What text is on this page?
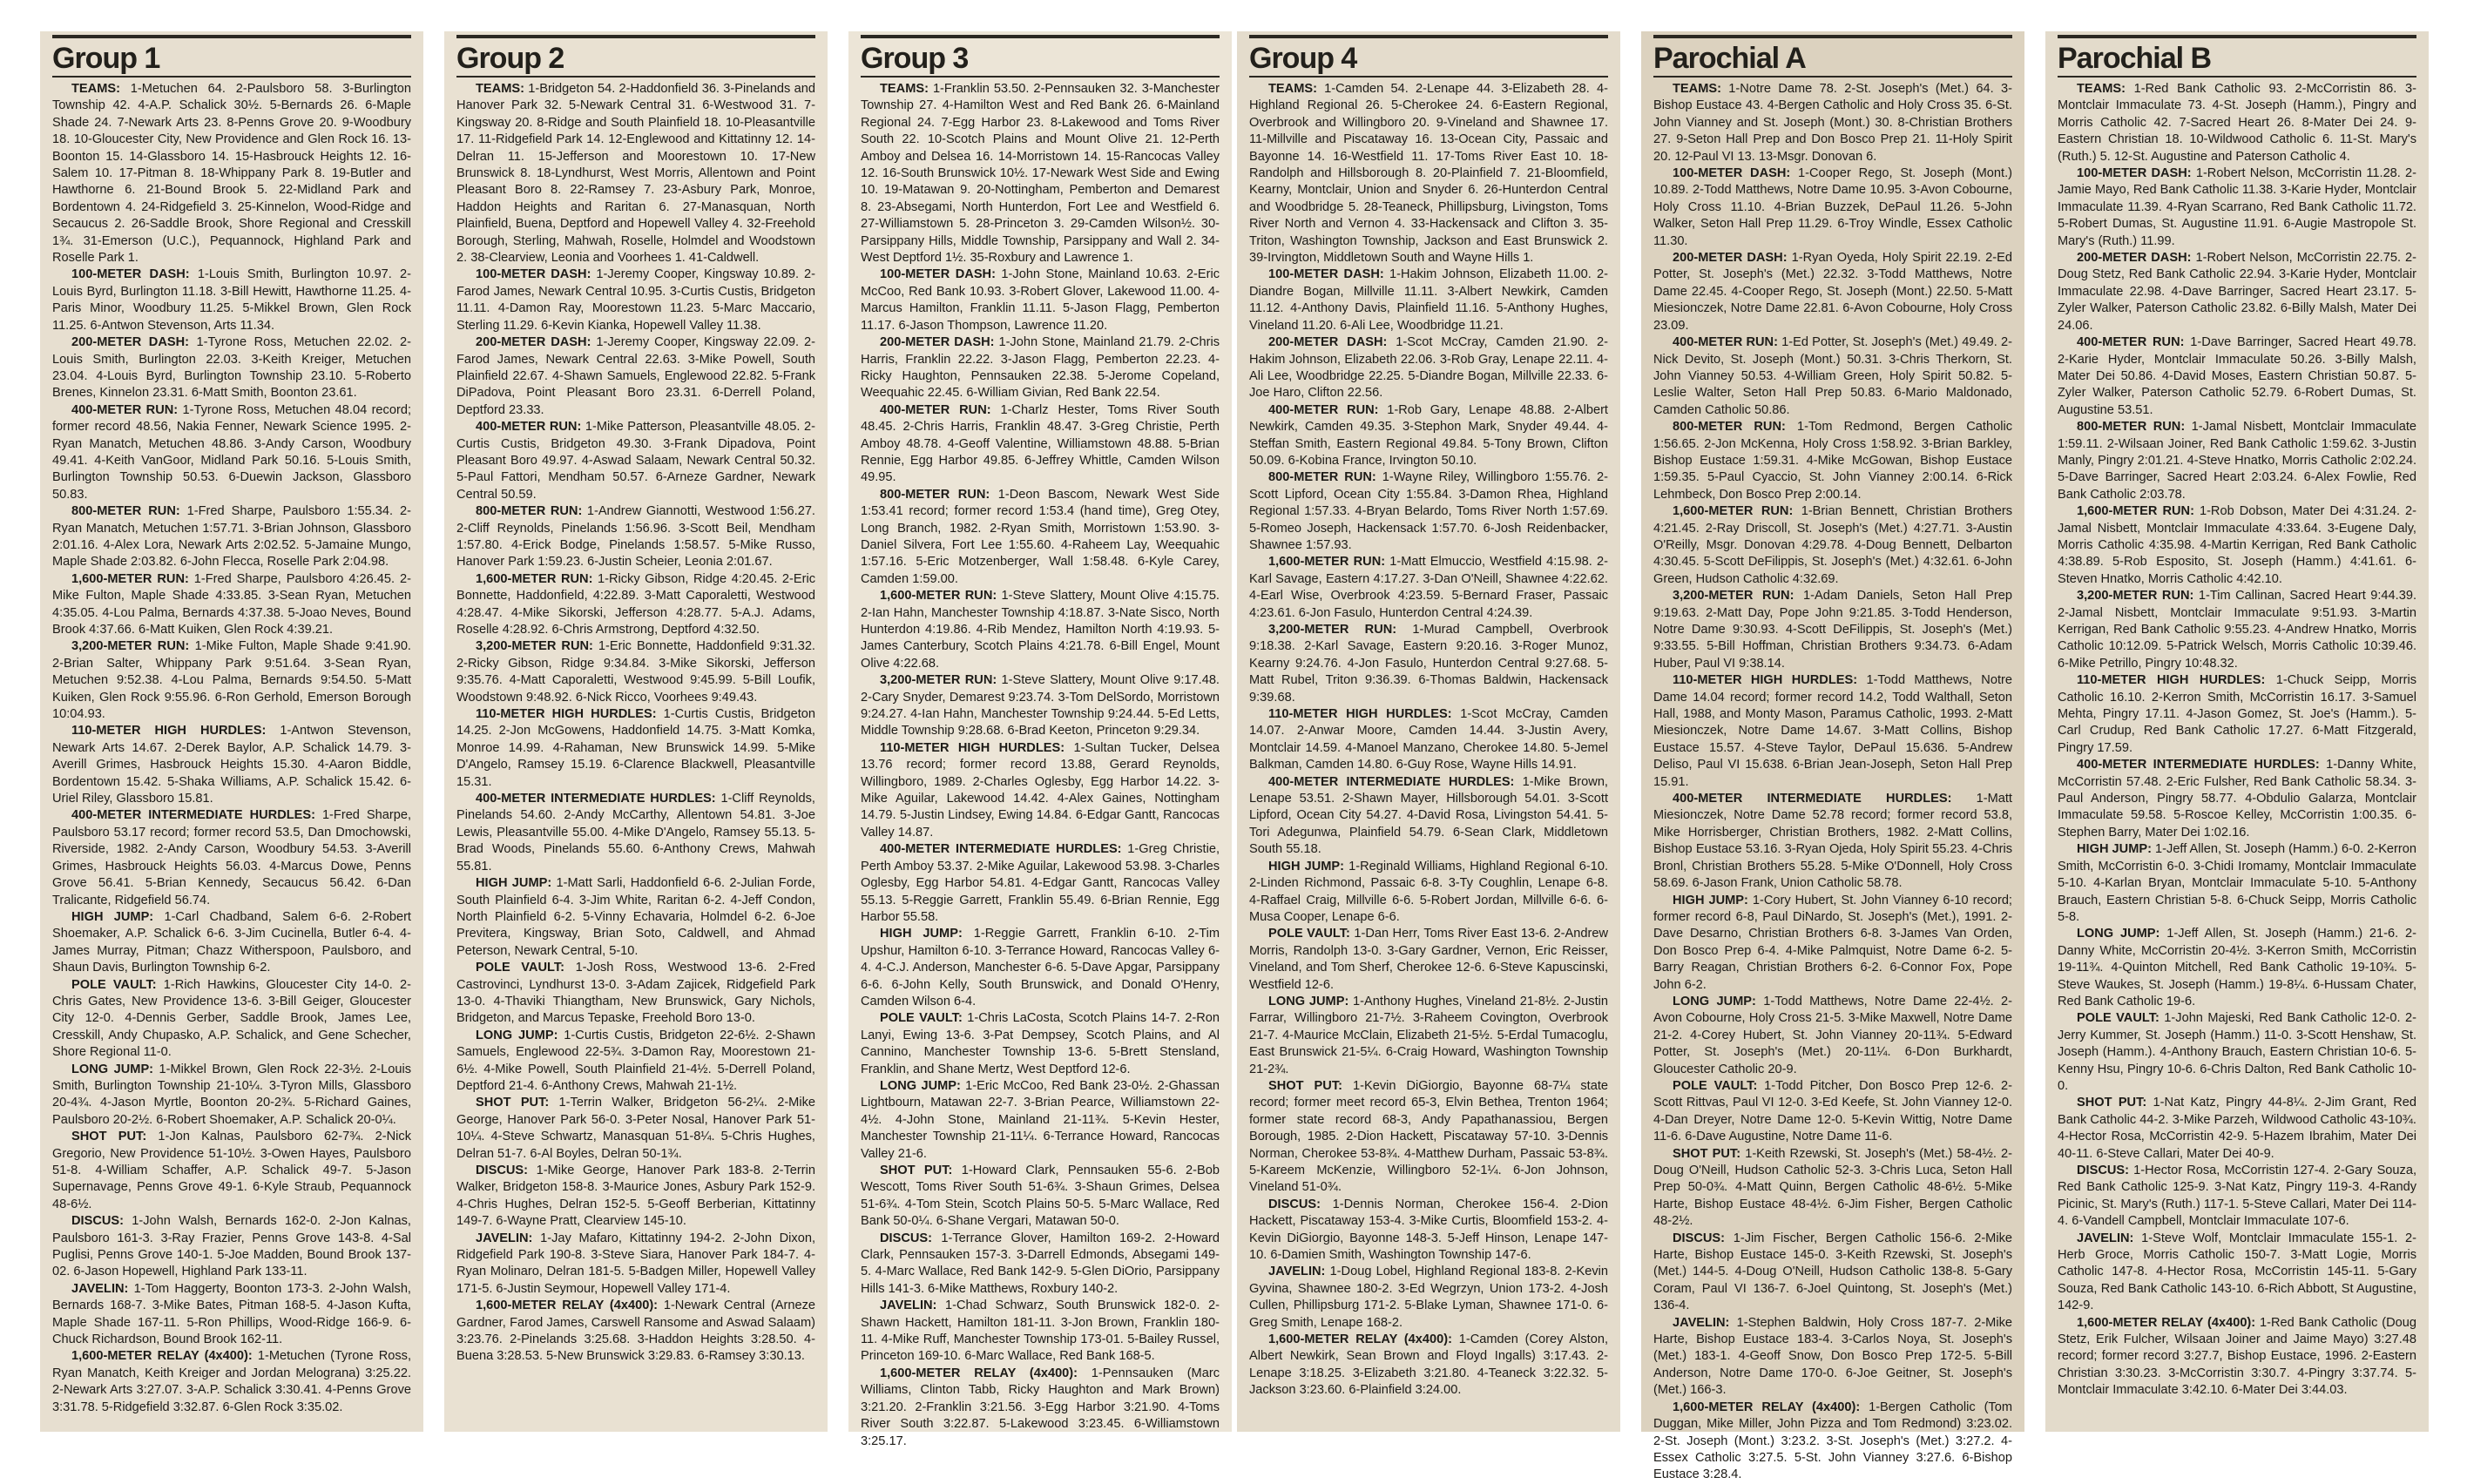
Group 1

TEAMS: 1-Metuchen 64. 2-Paulsboro 58. 3-Burlington Township 42. 4-A.P. Schalick 30½. 5-Bernards 26. 6-Maple Shade 24. 7-Newark Arts 23. 8-Penns Grove 20. 9-Woodbury 18. 10-Gloucester City, New Providence and Glen Rock 16. 13-Boonton 15. 14-Glassboro 14. 15-Hasbrouck Heights 12. 16-Salem 10. 17-Pitman 8. 18-Whippany Park 8. 19-Butler and Hawthorne 6. 21-Bound Brook 5. 22-Midland Park and Bordentown 4. 24-Ridgefield 3. 25-Kinnelon, Wood-Ridge and Secaucus 2. 26-Saddle Brook, Shore Regional and Cresskill 1¾. 31-Emerson (U.C.), Pequannock, Highland Park and Roselle Park 1.

100-METER DASH: 1-Louis Smith, Burlington 10.97. 2-Louis Byrd, Burlington 11.18. 3-Bill Hewitt, Hawthorne 11.25. 4-Paris Minor, Woodbury 11.25. 5-Mikkel Brown, Glen Rock 11.25. 6-Antwon Stevenson, Arts 11.34.

200-METER DASH: 1-Tyrone Ross, Metuchen 22.02. 2-Louis Smith, Burlington 22.03. 3-Keith Kreiger, Metuchen 23.04. 4-Louis Byrd, Burlington Township 23.10. 5-Roberto Brenes, Kinnelon 23.31. 6-Matt Smith, Boonton 23.61.

400-METER RUN: 1-Tyrone Ross, Metuchen 48.04 record; former record 48.56, Nakia Fenner, Newark Science 1995. 2-Ryan Manatch, Metuchen 48.86. 3-Andy Carson, Woodbury 49.41. 4-Keith VanGoor, Midland Park 50.16. 5-Louis Smith, Burlington Township 50.53. 6-Duewin Jackson, Glassboro 50.83.

800-METER RUN: 1-Fred Sharpe, Paulsboro 1:55.34. 2-Ryan Manatch, Metuchen 1:57.71. 3-Brian Johnson, Glassboro 2:01.16. 4-Alex Lora, Newark Arts 2:02.52. 5-Jamaine Mungo, Maple Shade 2:03.82. 6-John Flecca, Roselle Park 2:04.98.

1,600-METER RUN: 1-Fred Sharpe, Paulsboro 4:26.45. 2-Mike Fulton, Maple Shade 4:33.85. 3-Sean Ryan, Metuchen 4:35.05. 4-Lou Palma, Bernards 4:37.38. 5-Joao Neves, Bound Brook 4:37.66. 6-Matt Kuiken, Glen Rock 4:39.21.

3,200-METER RUN: 1-Mike Fulton, Maple Shade 9:41.90. 2-Brian Salter, Whippany Park 9:51.64. 3-Sean Ryan, Metuchen 9:52.38. 4-Lou Palma, Bernards 9:54.50. 5-Matt Kuiken, Glen Rock 9:55.96. 6-Ron Gerhold, Emerson Borough 10:04.93.

110-METER HIGH HURDLES: 1-Antwon Stevenson, Newark Arts 14.67. 2-Derek Baylor, A.P. Schalick 14.79. 3-Averill Grimes, Hasbrouck Heights 15.30. 4-Aaron Biddle, Bordentown 15.42. 5-Shaka Williams, A.P. Schalick 15.42. 6-Uriel Riley, Glassboro 15.81.

400-METER INTERMEDIATE HURDLES: 1-Fred Sharpe, Paulsboro 53.17 record; former record 53.5, Dan Dmochowski, Riverside, 1982. 2-Andy Carson, Woodbury 54.53. 3-Averill Grimes, Hasbrouck Heights 56.03. 4-Marcus Dowe, Penns Grove 56.41. 5-Brian Kennedy, Secaucus 56.42. 6-Dan Tralicante, Ridgefield 56.74.

HIGH JUMP: 1-Carl Chadband, Salem 6-6. 2-Robert Shoemaker, A.P. Schalick 6-6. 3-Jim Cucinella, Butler 6-4. 4-James Murray, Pitman; Chazz Witherspoon, Paulsboro, and Shaun Davis, Burlington Township 6-2.

POLE VAULT: 1-Rich Hawkins, Gloucester City 14-0. 2-Chris Gates, New Providence 13-6. 3-Bill Geiger, Gloucester City 12-0. 4-Dennis Gerber, Saddle Brook, James Lee, Cresskill, Andy Chupasko, A.P. Schalick, and Gene Schecher, Shore Regional 11-0.

LONG JUMP: 1-Mikkel Brown, Glen Rock 22-3½. 2-Louis Smith, Burlington Township 21-10¼. 3-Tyron Mills, Glassboro 20-4¾. 4-Jason Myrtle, Boonton 20-2¾. 5-Richard Gaines, Paulsboro 20-2½. 6-Robert Shoemaker, A.P. Schalick 20-0¼.

SHOT PUT: 1-Jon Kalnas, Paulsboro 62-7¾. 2-Nick Gregorio, New Providence 51-10½. 3-Owen Hayes, Paulsboro 51-8. 4-William Schaffer, A.P. Schalick 49-7. 5-Jason Supernavage, Penns Grove 49-1. 6-Kyle Straub, Pequannock 48-6½.

DISCUS: 1-John Walsh, Bernards 162-0. 2-Jon Kalnas, Paulsboro 161-3. 3-Ray Frazier, Penns Grove 143-8. 4-Sal Puglisi, Penns Grove 140-1. 5-Joe Madden, Bound Brook 137-02. 6-Jason Hopewell, Highland Park 133-11.

JAVELIN: 1-Tom Haggerty, Boonton 173-3. 2-John Walsh, Bernards 168-7. 3-Mike Bates, Pitman 168-5. 4-Jason Kufta, Maple Shade 167-11. 5-Ron Phillips, Wood-Ridge 166-9. 6-Chuck Richardson, Bound Brook 162-11.

1,600-METER RELAY (4x400): 1-Metuchen (Tyrone Ross, Ryan Manatch, Keith Kreiger and Jordan Melograna) 3:25.22. 2-Newark Arts 3:27.07. 3-A.P. Schalick 3:30.41. 4-Penns Grove 3:31.78. 5-Ridgefield 3:32.87. 6-Glen Rock 3:35.02.

Group 2

TEAMS: 1-Bridgeton 54. 2-Haddonfield 36. 3-Pinelands and Hanover Park 32. 5-Newark Central 31. 6-Westwood 31. 7-Kingsway 20. 8-Ridge and South Plainfield 18. 10-Pleasantville 17. 11-Ridgefield Park 14. 12-Englewood and Kittatinny 12. 14-Delran 11. 15-Jefferson and Moorestown 10. 17-New Brunswick 8. 18-Lyndhurst, West Morris, Allentown and Point Pleasant Boro 8. 22-Ramsey 7. 23-Asbury Park, Monroe, Haddon Heights and Raritan 6. 27-Manasquan, North Plainfield, Buena, Deptford and Hopewell Valley 4. 32-Freehold Borough, Sterling, Mahwah, Roselle, Holmdel and Woodstown 2. 38-Clearview, Leonia and Voorhees 1. 41-Caldwell.

100-METER DASH: 1-Jeremy Cooper, Kingsway 10.89. 2-Farod James, Newark Central 10.95. 3-Curtis Custis, Bridgeton 11.11. 4-Damon Ray, Moorestown 11.23. 5-Marc Maccario, Sterling 11.29. 6-Kevin Kianka, Hopewell Valley 11.38.

200-METER DASH: 1-Jeremy Cooper, Kingsway 22.09. 2-Farod James, Newark Central 22.63. 3-Mike Powell, South Plainfield 22.67. 4-Shawn Samuels, Englewood 22.82. 5-Frank DiPadova, Point Pleasant Boro 23.31. 6-Derrell Poland, Deptford 23.33.

400-METER RUN: 1-Mike Patterson, Pleasantville 48.05. 2-Curtis Custis, Bridgeton 49.30. 3-Frank Dipadova, Point Pleasant Boro 49.97. 4-Aswad Salaam, Newark Central 50.32. 5-Paul Fattori, Mendham 50.57. 6-Arneze Gardner, Newark Central 50.59.

800-METER RUN: 1-Andrew Giannotti, Westwood 1:56.27. 2-Cliff Reynolds, Pinelands 1:56.96. 3-Scott Beil, Mendham 1:57.80. 4-Erick Bodge, Pinelands 1:58.57. 5-Mike Russo, Hanover Park 1:59.23. 6-Justin Scheier, Leonia 2:01.67.

1,600-METER RUN: 1-Ricky Gibson, Ridge 4:20.45. 2-Eric Bonnette, Haddonfield, 4:22.89. 3-Matt Caporaletti, Westwood 4:28.47. 4-Mike Sikorski, Jefferson 4:28.77. 5-A.J. Adams, Roselle 4:28.92. 6-Chris Armstrong, Deptford 4:32.50.

3,200-METER RUN: 1-Eric Bonnette, Haddonfield 9:31.32. 2-Ricky Gibson, Ridge 9:34.84. 3-Mike Sikorski, Jefferson 9:35.76. 4-Matt Caporaletti, Westwood 9:45.99. 5-Bill Loufik, Woodstown 9:48.92. 6-Nick Ricco, Voorhees 9:49.43.

110-METER HIGH HURDLES: 1-Curtis Custis, Bridgeton 14.25. 2-Jon McGowens, Haddonfield 14.75. 3-Matt Komka, Monroe 14.99. 4-Rahaman, New Brunswick 14.99. 5-Mike D'Angelo, Ramsey 15.19. 6-Clarence Blackwell, Pleasantville 15.31.

400-METER INTERMEDIATE HURDLES: 1-Cliff Reynolds, Pinelands 54.60. 2-Andy McCarthy, Allentown 54.81. 3-Joe Lewis, Pleasantville 55.00. 4-Mike D'Angelo, Ramsey 55.13. 5-Brad Woods, Pinelands 55.60. 6-Anthony Crews, Mahwah 55.81.

HIGH JUMP: 1-Matt Sarli, Haddonfield 6-6. 2-Julian Forde, South Plainfield 6-4. 3-Jim White, Raritan 6-2. 4-Jeff Condon, North Plainfield 6-2. 5-Vinny Echavaria, Holmdel 6-2. 6-Joe Previtera, Kingsway, Brian Soto, Caldwell, and Ahmad Peterson, Newark Central, 5-10.

POLE VAULT: 1-Josh Ross, Westwood 13-6. 2-Fred Castrovinci, Lyndhurst 13-0. 3-Adam Zajicek, Ridgefield Park 13-0. 4-Thaviki Thiangtham, New Brunswick, Gary Nichols, Bridgeton, and Marcus Tepaske, Freehold Boro 13-0.

LONG JUMP: 1-Curtis Custis, Bridgeton 22-6½. 2-Shawn Samuels, Englewood 22-5¾. 3-Damon Ray, Moorestown 21-6½. 4-Mike Powell, South Plainfield 21-4½. 5-Derrell Poland, Deptford 21-4. 6-Anthony Crews, Mahwah 21-1½.

SHOT PUT: 1-Terrin Walker, Bridgeton 56-2¼. 2-Mike George, Hanover Park 56-0. 3-Peter Nosal, Hanover Park 51-10¼. 4-Steve Schwartz, Manasquan 51-8¼. 5-Chris Hughes, Delran 51-7. 6-Al Boyles, Delran 50-1¾.

DISCUS: 1-Mike George, Hanover Park 183-8. 2-Terrin Walker, Bridgeton 158-8. 3-Maurice Jones, Asbury Park 152-9. 4-Chris Hughes, Delran 152-5. 5-Geoff Berberian, Kittatinny 149-7. 6-Wayne Pratt, Clearview 145-10.

JAVELIN: 1-Jay Mafaro, Kittatinny 194-2. 2-John Dixon, Ridgefield Park 190-8. 3-Steve Siara, Hanover Park 184-7. 4-Ryan Molinaro, Delran 181-5. 5-Badgen Miller, Hopewell Valley 171-5. 6-Justin Seymour, Hopewell Valley 171-4.

1,600-METER RELAY (4x400): 1-Newark Central (Arneze Gardner, Farod James, Carswell Ransome and Aswad Salaam) 3:23.76. 2-Pinelands 3:25.68. 3-Haddon Heights 3:28.50. 4-Buena 3:28.53. 5-New Brunswick 3:29.83. 6-Ramsey 3:30.13.

Group 3

TEAMS: 1-Franklin 53.50. 2-Pennsauken 32. 3-Manchester Township 27. 4-Hamilton West and Red Bank 26. 6-Mainland Regional 24. 7-Egg Harbor 23. 8-Lakewood and Toms River South 22. 10-Scotch Plains and Mount Olive 21. 12-Perth Amboy and Delsea 16. 14-Morristown 14. 15-Rancocas Valley 12. 16-South Brunswick 10½. 17-Newark West Side and Ewing 10. 19-Matawan 9. 20-Nottingham, Pemberton and Demarest 8. 23-Absegami, North Hunterdon, Fort Lee and Westfield 6. 27-Williamstown 5. 28-Princeton 3. 29-Camden Wilson½. 30-Parsippany Hills, Middle Township, Parsippany and Wall 2. 34-West Deptford 1½. 35-Roxbury and Lawrence 1.

100-METER DASH: 1-John Stone, Mainland 10.63. 2-Eric McCoo, Red Bank 10.93. 3-Robert Glover, Lakewood 11.00. 4-Marcus Hamilton, Franklin 11.11. 5-Jason Flagg, Pemberton 11.17. 6-Jason Thompson, Lawrence 11.20.

200-METER DASH: 1-John Stone, Mainland 21.79. 2-Chris Harris, Franklin 22.22. 3-Jason Flagg, Pemberton 22.23. 4-Ricky Haughton, Pennsauken 22.38. 5-Jerome Copeland, Weequahic 22.45. 6-William Givian, Red Bank 22.54.

400-METER RUN: 1-Charlz Hester, Toms River South 48.45. 2-Chris Harris, Franklin 48.47. 3-Greg Christie, Perth Amboy 48.78. 4-Geoff Valentine, Williamstown 48.88. 5-Brian Rennie, Egg Harbor 49.85. 6-Jeffrey Whittle, Camden Wilson 49.95.

800-METER RUN: 1-Deon Bascom, Newark West Side 1:53.41 record; former record 1:53.4 (hand time), Greg Otey, Long Branch, 1982. 2-Ryan Smith, Morristown 1:53.90. 3-Daniel Silvera, Fort Lee 1:55.60. 4-Raheem Lay, Weequahic 1:57.16. 5-Eric Motzenberger, Wall 1:58.48. 6-Kyle Carey, Camden 1:59.00.

1,600-METER RUN: 1-Steve Slattery, Mount Olive 4:15.75. 2-Ian Hahn, Manchester Township 4:18.87. 3-Nate Sisco, North Hunterdon 4:19.86. 4-Rib Mendez, Hamilton North 4:19.93. 5-James Canterbury, Scotch Plains 4:21.78. 6-Bill Engel, Mount Olive 4:22.68.

3,200-METER RUN: 1-Steve Slattery, Mount Olive 9:17.48. 2-Cary Snyder, Demarest 9:23.74. 3-Tom DelSordo, Morristown 9:24.27. 4-Ian Hahn, Manchester Township 9:24.44. 5-Ed Letts, Middle Township 9:28.68. 6-Brad Keeton, Princeton 9:29.34.

110-METER HIGH HURDLES: 1-Sultan Tucker, Delsea 13.76 record; former record 13.88, Gerard Reynolds, Willingboro, 1989. 2-Charles Oglesby, Egg Harbor 14.22. 3-Mike Aguilar, Lakewood 14.42. 4-Alex Gaines, Nottingham 14.79. 5-Justin Lindsey, Ewing 14.84. 6-Edgar Gantt, Rancocas Valley 14.87.

400-METER INTERMEDIATE HURDLES: 1-Greg Christie, Perth Amboy 53.37. 2-Mike Aguilar, Lakewood 53.98. 3-Charles Oglesby, Egg Harbor 54.81. 4-Edgar Gantt, Rancocas Valley 55.13. 5-Reggie Garrett, Franklin 55.49. 6-Brian Rennie, Egg Harbor 55.58.

HIGH JUMP: 1-Reggie Garrett, Franklin 6-10. 2-Tim Upshur, Hamilton 6-10. 3-Terrance Howard, Rancocas Valley 6-4. 4-C.J. Anderson, Manchester 6-6. 5-Dave Apgar, Parsippany 6-6. 6-John Kelly, South Brunswick, and Donald O'Henry, Camden Wilson 6-4.

POLE VAULT: 1-Chris LaCosta, Scotch Plains 14-7. 2-Ron Lanyi, Ewing 13-6. 3-Pat Dempsey, Scotch Plains, and Al Cannino, Manchester Township 13-6. 5-Brett Stensland, Franklin, and Shane Mertz, West Deptford 12-6.

LONG JUMP: 1-Eric McCoo, Red Bank 23-0½. 2-Ghassan Lightbourn, Matawan 22-7. 3-Brian Pearce, Williamstown 22-4½. 4-John Stone, Mainland 21-11¾. 5-Kevin Hester, Manchester Township 21-11¼. 6-Terrance Howard, Rancocas Valley 21-6.

SHOT PUT: 1-Howard Clark, Pennsauken 55-6. 2-Bob Wescott, Toms River South 51-6¾. 3-Shaun Grimes, Delsea 51-6¾. 4-Tom Stein, Scotch Plains 50-5. 5-Marc Wallace, Red Bank 50-0¼. 6-Shane Vergari, Matawan 50-0.

DISCUS: 1-Terrance Glover, Hamilton 169-2. 2-Howard Clark, Pennsauken 157-3. 3-Darrell Edmonds, Absegami 149-5. 4-Marc Wallace, Red Bank 142-9. 5-Glen DiOrio, Parsippany Hills 141-3. 6-Mike Matthews, Roxbury 140-2.

JAVELIN: 1-Chad Schwarz, South Brunswick 182-0. 2-Shawn Hackett, Hamilton 181-11. 3-Jon Brown, Franklin 180-11. 4-Mike Ruff, Manchester Township 173-01. 5-Bailey Russel, Princeton 169-10. 6-Marc Wallace, Red Bank 168-5.

1,600-METER RELAY (4x400): 1-Pennsauken (Marc Williams, Clinton Tabb, Ricky Haughton and Mark Brown) 3:21.20. 2-Franklin 3:21.56. 3-Egg Harbor 3:21.90. 4-Toms River South 3:22.87. 5-Lakewood 3:23.45. 6-Williamstown 3:25.17.

Group 4

TEAMS: 1-Camden 54. 2-Lenape 44. 3-Elizabeth 28. 4-Highland Regional 26. 5-Cherokee 24. 6-Eastern Regional, Overbrook and Willingboro 20. 9-Vineland and Shawnee 17. 11-Millville and Piscataway 16. 13-Ocean City, Passaic and Bayonne 14. 16-Westfield 11. 17-Toms River East 10. 18-Randolph and Hillsborough 8. 20-Plainfield 7. 21-Bloomfield, Kearny, Montclair, Union and Snyder 6. 26-Hunterdon Central and Woodbridge 5. 28-Teaneck, Phillipsburg, Livingston, Toms River North and Vernon 4. 33-Hackensack and Clifton 3. 35-Triton, Washington Township, Jackson and East Brunswick 2. 39-Irvington, Middletown South and Wayne Hills 1.

100-METER DASH: 1-Hakim Johnson, Elizabeth 11.00. 2-Diandre Bogan, Millville 11.11. 3-Albert Newkirk, Camden 11.12. 4-Anthony Davis, Plainfield 11.16. 5-Anthony Hughes, Vineland 11.20. 6-Ali Lee, Woodbridge 11.21.

200-METER DASH: 1-Scot McCray, Camden 21.90. 2-Hakim Johnson, Elizabeth 22.06. 3-Rob Gray, Lenape 22.11. 4-Ali Lee, Woodbridge 22.25. 5-Diandre Bogan, Millville 22.33. 6-Joe Haro, Clifton 22.56.

400-METER RUN: 1-Rob Gary, Lenape 48.88. 2-Albert Newkirk, Camden 49.35. 3-Stephon Mark, Snyder 49.44. 4-Steffan Smith, Eastern Regional 49.84. 5-Tony Brown, Clifton 50.09. 6-Kobina France, Irvington 50.10.

800-METER RUN: 1-Wayne Riley, Willingboro 1:55.76. 2-Scott Lipford, Ocean City 1:55.84. 3-Damon Rhea, Highland Regional 1:57.33. 4-Bryan Belardo, Toms River North 1:57.69. 5-Romeo Joseph, Hackensack 1:57.70. 6-Josh Reidenbacker, Shawnee 1:57.93.

1,600-METER RUN: 1-Matt Elmuccio, Westfield 4:15.98. 2-Karl Savage, Eastern 4:17.27. 3-Dan O'Neill, Shawnee 4:22.62. 4-Earl Wise, Overbrook 4:23.59. 5-Bernard Fraser, Passaic 4:23.61. 6-Jon Fasulo, Hunterdon Central 4:24.39.

3,200-METER RUN: 1-Murad Campbell, Overbrook 9:18.38. 2-Karl Savage, Eastern 9:20.16. 3-Roger Munoz, Kearny 9:24.76. 4-Jon Fasulo, Hunterdon Central 9:27.68. 5-Matt Rubel, Triton 9:36.39. 6-Thomas Baldwin, Hackensack 9:39.68.

110-METER HIGH HURDLES: 1-Scot McCray, Camden 14.07. 2-Anwar Moore, Camden 14.44. 3-Justin Avery, Montclair 14.59. 4-Manoel Manzano, Cherokee 14.80. 5-Jemel Balkman, Camden 14.80. 6-Guy Rose, Wayne Hills 14.91.

400-METER INTERMEDIATE HURDLES: 1-Mike Brown, Lenape 53.51. 2-Shawn Mayer, Hillsborough 54.01. 3-Scott Lipford, Ocean City 54.27. 4-David Rosa, Livingston 54.41. 5-Tori Adegunwa, Plainfield 54.79. 6-Sean Clark, Middletown South 55.18.

HIGH JUMP: 1-Reginald Williams, Highland Regional 6-10. 2-Linden Richmond, Passaic 6-8. 3-Ty Coughlin, Lenape 6-8. 4-Raffael Craig, Millville 6-6. 5-Robert Jordan, Millville 6-6. 6-Musa Cooper, Lenape 6-6.

POLE VAULT: 1-Dan Herr, Toms River East 13-6. 2-Andrew Morris, Randolph 13-0. 3-Gary Gardner, Vernon, Eric Reisser, Vineland, and Tom Sherf, Cherokee 12-6. 6-Steve Kapuscinski, Westfield 12-6.

LONG JUMP: 1-Anthony Hughes, Vineland 21-8½. 2-Justin Farrar, Willingboro 21-7½. 3-Raheem Covington, Overbrook 21-7. 4-Maurice McClain, Elizabeth 21-5½. 5-Erdal Tumacoglu, East Brunswick 21-5¼. 6-Craig Howard, Washington Township 21-2¾.

SHOT PUT: 1-Kevin DiGiorgio, Bayonne 68-7¼ state record; former meet record 65-3, Elvin Bethea, Trenton 1964; former state record 68-3, Andy Papathanassiou, Bergen Borough, 1985. 2-Dion Hackett, Piscataway 57-10. 3-Dennis Norman, Cherokee 53-8¾. 4-Matthew Durham, Passaic 53-8¾. 5-Kareem McKenzie, Willingboro 52-1¼. 6-Jon Johnson, Vineland 51-0¾.

DISCUS: 1-Dennis Norman, Cherokee 156-4. 2-Dion Hackett, Piscataway 153-4. 3-Mike Curtis, Bloomfield 153-2. 4-Kevin DiGiorgio, Bayonne 148-3. 5-Jeff Hinson, Lenape 147-10. 6-Damien Smith, Washington Township 147-6.

JAVELIN: 1-Doug Lobel, Highland Regional 183-8. 2-Kevin Gyvina, Shawnee 180-2. 3-Ed Wegrzyn, Union 173-2. 4-Josh Cullen, Phillipsburg 171-2. 5-Blake Lyman, Shawnee 171-0. 6-Greg Smith, Lenape 168-2.

1,600-METER RELAY (4x400): 1-Camden (Corey Alston, Albert Newkirk, Sean Brown and Floyd Ingalls) 3:17.43. 2-Lenape 3:18.25. 3-Elizabeth 3:21.80. 4-Teaneck 3:22.32. 5-Jackson 3:23.60. 6-Plainfield 3:24.00.

Parochial A

TEAMS: 1-Notre Dame 78. 2-St. Joseph's (Met.) 64. 3-Bishop Eustace 43. 4-Bergen Catholic and Holy Cross 35. 6-St. John Vianney and St. Joseph (Mont.) 30. 8-Christian Brothers 27. 9-Seton Hall Prep and Don Bosco Prep 21. 11-Holy Spirit 20. 12-Paul VI 13. 13-Msgr. Donovan 6.

100-METER DASH: 1-Cooper Rego, St. Joseph (Mont.) 10.89. 2-Todd Matthews, Notre Dame 10.95. 3-Avon Cobourne, Holy Cross 11.10. 4-Brian Buzzek, DePaul 11.26. 5-John Walker, Seton Hall Prep 11.29. 6-Troy Windle, Essex Catholic 11.30.

200-METER DASH: 1-Ryan Oyeda, Holy Spirit 22.19. 2-Ed Potter, St. Joseph's (Met.) 22.32. 3-Todd Matthews, Notre Dame 22.45. 4-Cooper Rego, St. Joseph (Mont.) 22.50. 5-Matt Miesionczek, Notre Dame 22.81. 6-Avon Cobourne, Holy Cross 23.09.

400-METER RUN: 1-Ed Potter, St. Joseph's (Met.) 49.49. 2-Nick Devito, St. Joseph (Mont.) 50.31. 3-Chris Therkorn, St. John Vianney 50.53. 4-William Green, Holy Spirit 50.82. 5-Leslie Walter, Seton Hall Prep 50.83. 6-Mario Maldonado, Camden Catholic 50.86.

800-METER RUN: 1-Tom Redmond, Bergen Catholic 1:56.65. 2-Jon McKenna, Holy Cross 1:58.92. 3-Brian Barkley, Bishop Eustace 1:59.31. 4-Mike McGowan, Bishop Eustace 1:59.35. 5-Paul Cyaccio, St. John Vianney 2:00.14. 6-Rick Lehmbeck, Don Bosco Prep 2:00.14.

1,600-METER RUN: 1-Brian Bennett, Christian Brothers 4:21.45. 2-Ray Driscoll, St. Joseph's (Met.) 4:27.71. 3-Austin O'Reilly, Msgr. Donovan 4:29.78. 4-Doug Bennett, Delbarton 4:30.45. 5-Scott DeFilippis, St. Joseph's (Met.) 4:32.61. 6-John Green, Hudson Catholic 4:32.69.

3,200-METER RUN: 1-Adam Daniels, Seton Hall Prep 9:19.63. 2-Matt Day, Pope John 9:21.85. 3-Todd Henderson, Notre Dame 9:30.93. 4-Scott DeFilippis, St. Joseph's (Met.) 9:33.55. 5-Bill Hoffman, Christian Brothers 9:34.73. 6-Adam Huber, Paul VI 9:38.14.

110-METER HIGH HURDLES: 1-Todd Matthews, Notre Dame 14.04 record; former record 14.2, Todd Walthall, Seton Hall, 1988, and Monty Mason, Paramus Catholic, 1993. 2-Matt Miesionczek, Notre Dame 14.67. 3-Matt Collins, Bishop Eustace 15.57. 4-Steve Taylor, DePaul 15.636. 5-Andrew Deliso, Paul VI 15.638. 6-Brian Jean-Joseph, Seton Hall Prep 15.91.

400-METER INTERMEDIATE HURDLES: 1-Matt Miesionczek, Notre Dame 52.78 record; former record 53.8, Mike Horrisberger, Christian Brothers, 1982. 2-Matt Collins, Bishop Eustace 53.16. 3-Ryan Ojeda, Holy Spirit 55.23. 4-Chris Bronl, Christian Brothers 55.28. 5-Mike O'Donnell, Holy Cross 58.69. 6-Jason Frank, Union Catholic 58.78.

HIGH JUMP: 1-Cory Hubert, St. John Vianney 6-10 record; former record 6-8, Paul DiNardo, St. Joseph's (Met.), 1991. 2-Dave Desarno, Christian Brothers 6-8. 3-James Van Orden, Don Bosco Prep 6-4. 4-Mike Palmquist, Notre Dame 6-2. 5-Barry Reagan, Christian Brothers 6-2. 6-Connor Fox, Pope John 6-2.

LONG JUMP: 1-Todd Matthews, Notre Dame 22-4½. 2-Avon Cobourne, Holy Cross 21-5. 3-Mike Maxwell, Notre Dame 21-2. 4-Corey Hubert, St. John Vianney 20-11¾. 5-Edward Potter, St. Joseph's (Met.) 20-11¼. 6-Don Burkhardt, Gloucester Catholic 20-9.

POLE VAULT: 1-Todd Pitcher, Don Bosco Prep 12-6. 2-Scott Rittvas, Paul VI 12-0. 3-Ed Keefe, St. John Vianney 12-0. 4-Dan Dreyer, Notre Dame 12-0. 5-Kevin Wittig, Notre Dame 11-6. 6-Dave Augustine, Notre Dame 11-6.

SHOT PUT: 1-Keith Rzewski, St. Joseph's (Met.) 58-4½. 2-Doug O'Neill, Hudson Catholic 52-3. 3-Chris Luca, Seton Hall Prep 50-0¾. 4-Matt Quinn, Bergen Catholic 48-6½. 5-Mike Harte, Bishop Eustace 48-4½. 6-Jim Fisher, Bergen Catholic 48-2½.

DISCUS: 1-Jim Fischer, Bergen Catholic 156-6. 2-Mike Harte, Bishop Eustace 145-0. 3-Keith Rzewski, St. Joseph's (Met.) 144-5. 4-Doug O'Neill, Hudson Catholic 138-8. 5-Gary Coram, Paul VI 136-7. 6-Joel Quintong, St. Joseph's (Met.) 136-4.

JAVELIN: 1-Stephen Baldwin, Holy Cross 187-7. 2-Mike Harte, Bishop Eustace 183-4. 3-Carlos Noya, St. Joseph's (Met.) 183-1. 4-Geoff Snow, Don Bosco Prep 172-5. 5-Bill Anderson, Notre Dame 170-0. 6-Joe Geitner, St. Joseph's (Met.) 166-3.

1,600-METER RELAY (4x400): 1-Bergen Catholic (Tom Duggan, Mike Miller, John Pizza and Tom Redmond) 3:23.02. 2-St. Joseph (Mont.) 3:23.2. 3-St. Joseph's (Met.) 3:27.2. 4-Essex Catholic 3:27.5. 5-St. John Vianney 3:27.6. 6-Bishop Eustace 3:28.4.

Parochial B

TEAMS: 1-Red Bank Catholic 93. 2-McCorristin 86. 3-Montclair Immaculate 73. 4-St. Joseph (Hamm.), Pingry and Morris Catholic 42. 7-Sacred Heart 26. 8-Mater Dei 24. 9-Eastern Christian 18. 10-Wildwood Catholic 6. 11-St. Mary's (Ruth.) 5. 12-St. Augustine and Paterson Catholic 4.

100-METER DASH: 1-Robert Nelson, McCorristin 11.28. 2-Jamie Mayo, Red Bank Catholic 11.38. 3-Karie Hyder, Montclair Immaculate 11.39. 4-Ryan Scarrano, Red Bank Catholic 11.72. 5-Robert Dumas, St. Augustine 11.91. 6-Augie Mastropole St. Mary's (Ruth.) 11.99.

200-METER DASH: 1-Robert Nelson, McCorristin 22.75. 2-Doug Stetz, Red Bank Catholic 22.94. 3-Karie Hyder, Montclair Immaculate 22.98. 4-Dave Barringer, Sacred Heart 23.17. 5-Zyler Walker, Paterson Catholic 23.82. 6-Billy Malsh, Mater Dei 24.06.

400-METER RUN: 1-Dave Barringer, Sacred Heart 49.78. 2-Karie Hyder, Montclair Immaculate 50.26. 3-Billy Malsh, Mater Dei 50.86. 4-David Moses, Eastern Christian 50.87. 5-Zyler Walker, Paterson Catholic 52.79. 6-Robert Dumas, St. Augustine 53.51.

800-METER RUN: 1-Jamal Nisbett, Montclair Immaculate 1:59.11. 2-Wilsaan Joiner, Red Bank Catholic 1:59.62. 3-Justin Manly, Pingry 2:01.21. 4-Steve Hnatko, Morris Catholic 2:02.24. 5-Dave Barringer, Sacred Heart 2:03.24. 6-Alex Fowlie, Red Bank Catholic 2:03.78.

1,600-METER RUN: 1-Rob Dobson, Mater Dei 4:31.24. 2-Jamal Nisbett, Montclair Immaculate 4:33.64. 3-Eugene Daly, Morris Catholic 4:35.98. 4-Martin Kerrigan, Red Bank Catholic 4:38.89. 5-Rob Esposito, St. Joseph (Hamm.) 4:41.61. 6-Steven Hnatko, Morris Catholic 4:42.10.

3,200-METER RUN: 1-Tim Callinan, Sacred Heart 9:44.39. 2-Jamal Nisbett, Montclair Immaculate 9:51.93. 3-Martin Kerrigan, Red Bank Catholic 9:55.23. 4-Andrew Hnatko, Morris Catholic 10:12.09. 5-Patrick Welsch, Morris Catholic 10:39.46. 6-Mike Petrillo, Pingry 10:48.32.

110-METER HIGH HURDLES: 1-Chuck Seipp, Morris Catholic 16.10. 2-Kerron Smith, McCorristin 16.17. 3-Samuel Mehta, Pingry 17.11. 4-Jason Gomez, St. Joe's (Hamm.). 5-Carl Crudup, Red Bank Catholic 17.27. 6-Matt Fitzgerald, Pingry 17.59.

400-METER INTERMEDIATE HURDLES: 1-Danny White, McCorristin 57.48. 2-Eric Fulsher, Red Bank Catholic 58.34. 3-Paul Anderson, Pingry 58.77. 4-Obdulio Galarza, Montclair Immaculate 59.58. 5-Roscoe Kelley, McCorristin 1:00.35. 6-Stephen Barry, Mater Dei 1:02.16.

HIGH JUMP: 1-Jeff Allen, St. Joseph (Hamm.) 6-0. 2-Kerron Smith, McCorristin 6-0. 3-Chidi Iromamy, Montclair Immaculate 5-10. 4-Karlan Bryan, Montclair Immaculate 5-10. 5-Anthony Brauch, Eastern Christian 5-8. 6-Chuck Seipp, Morris Catholic 5-8.

LONG JUMP: 1-Jeff Allen, St. Joseph (Hamm.) 21-6. 2-Danny White, McCorristin 20-4½. 3-Kerron Smith, McCorristin 19-11¾. 4-Quinton Mitchell, Red Bank Catholic 19-10¾. 5-Steve Waukes, St. Joseph (Hamm.) 19-8¼. 6-Hussam Chater, Red Bank Catholic 19-6.

POLE VAULT: 1-John Majeski, Red Bank Catholic 12-0. 2-Jerry Kummer, St. Joseph (Hamm.) 11-0. 3-Scott Henshaw, St. Joseph (Hamm.). 4-Anthony Brauch, Eastern Christian 10-6. 5-Kenny Hsu, Pingry 10-6. 6-Chris Dalton, Red Bank Catholic 10-0.

SHOT PUT: 1-Nat Katz, Pingry 44-8¼. 2-Jim Grant, Red Bank Catholic 44-2. 3-Mike Parzeh, Wildwood Catholic 43-10¾. 4-Hector Rosa, McCorristin 42-9. 5-Hazem Ibrahim, Mater Dei 40-11. 6-Steve Callari, Mater Dei 40-9.

DISCUS: 1-Hector Rosa, McCorristin 127-4. 2-Gary Souza, Red Bank Catholic 125-9. 3-Nat Katz, Pingry 119-3. 4-Randy Picinic, St. Mary's (Ruth.) 117-1. 5-Steve Callari, Mater Dei 114-4. 6-Vandell Campbell, Montclair Immaculate 107-6.

JAVELIN: 1-Steve Wolf, Montclair Immaculate 155-1. 2-Herb Groce, Morris Catholic 150-7. 3-Matt Logie, Morris Catholic 147-8. 4-Hector Rosa, McCorristin 145-11. 5-Gary Souza, Red Bank Catholic 143-10. 6-Rich Abbott, St Augustine, 142-9.

1,600-METER RELAY (4x400): 1-Red Bank Catholic (Doug Stetz, Erik Fulcher, Wilsaan Joiner and Jaime Mayo) 3:27.48 record; former record 3:27.7, Bishop Eustace, 1996. 2-Eastern Christian 3:30.23. 3-McCorristin 3:30.7. 4-Pingry 3:37.74. 5-Montclair Immaculate 3:42.10. 6-Mater Dei 3:44.03.
